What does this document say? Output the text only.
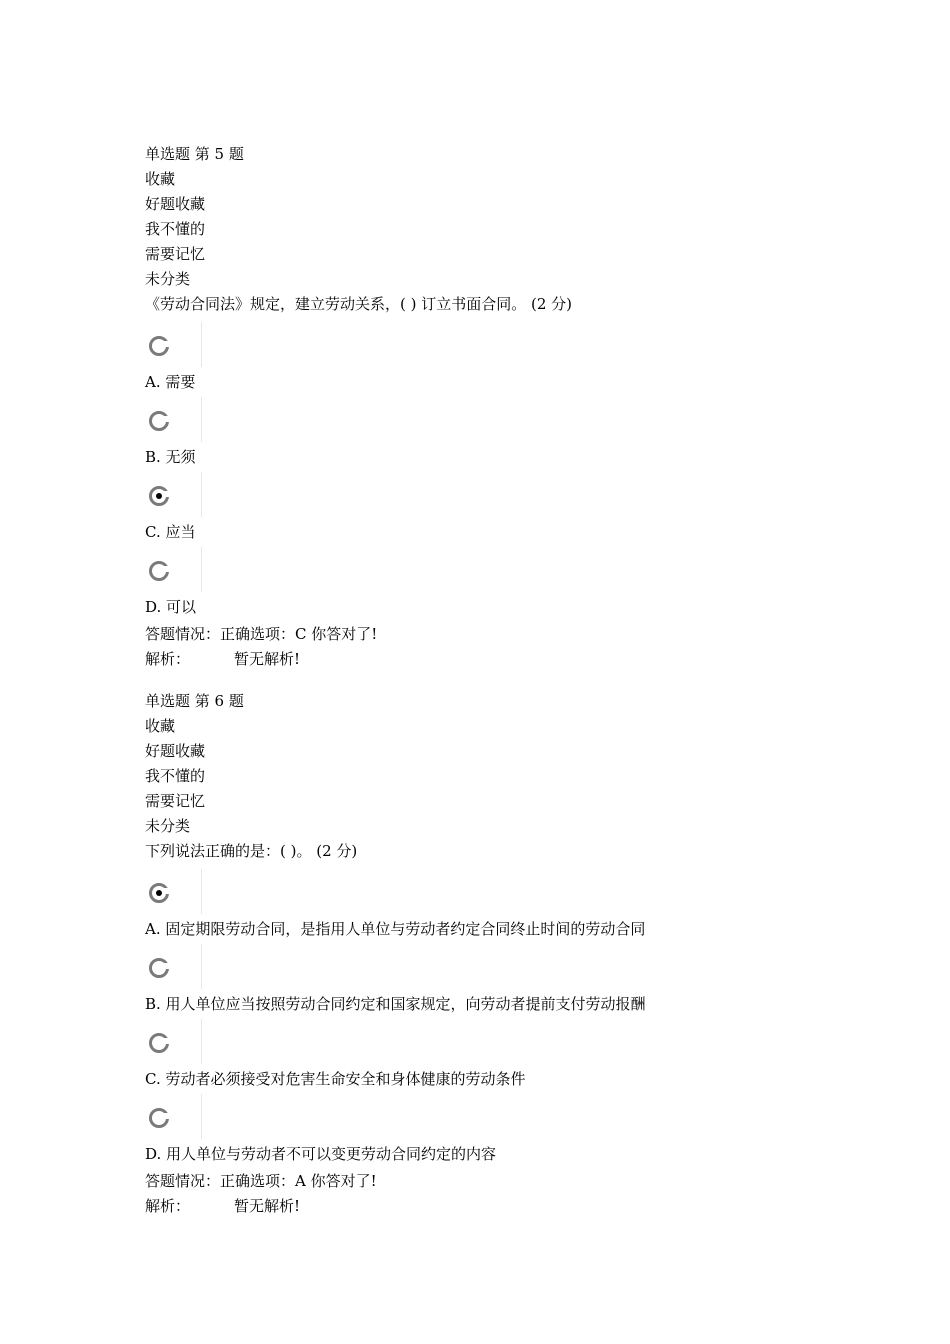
单选题 第 5 题
收藏
好题收藏
我不懂的
需要记忆
未分类
《劳动合同法》规定，建立劳动关系，( ) 订立书面合同。 (2 分)
A. 需要
B. 无须
C. 应当
D. 可以
答题情况：正确选项：C 你答对了!
解析：	暂无解析!
单选题 第 6 题
收藏
好题收藏
我不懂的
需要记忆
未分类
下列说法正确的是：( )。 (2 分)
A. 固定期限劳动合同，是指用人单位与劳动者约定合同终止时间的劳动合同
B. 用人单位应当按照劳动合同约定和国家规定，向劳动者提前支付劳动报酬
C. 劳动者必须接受对危害生命安全和身体健康的劳动条件
D. 用人单位与劳动者不可以变更劳动合同约定的内容
答题情况：正确选项：A 你答对了!
解析：	暂无解析!
